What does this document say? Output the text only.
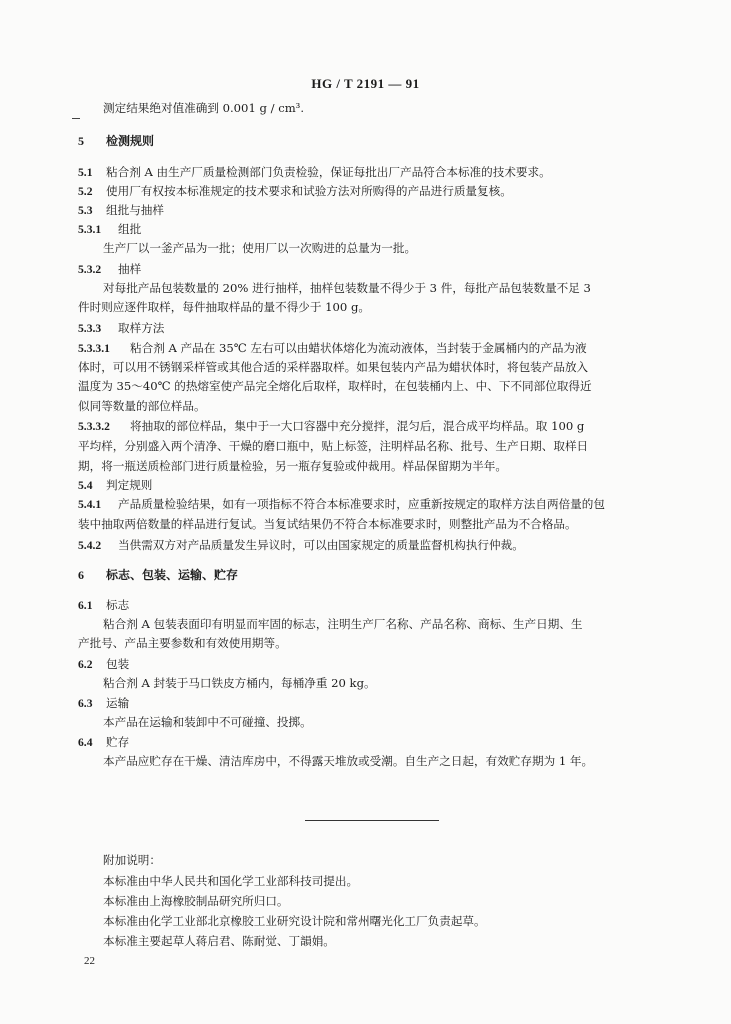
HG / T 2191 — 91
测定结果绝对值准确到 0.001 g / cm³.
5 检测规则
5.1 粘合剂 A 由生产厂质量检测部门负责检验，保证每批出厂产品符合本标准的技术要求。
5.2 使用厂有权按本标准规定的技术要求和试验方法对所购得的产品进行质量复核。
5.3 组批与抽样
5.3.1 组批
生产厂以一釜产品为一批；使用厂以一次购进的总量为一批。
5.3.2 抽样
对每批产品包装数量的 20% 进行抽样，抽样包装数量不得少于 3 件，每批产品包装数量不足 3
件时则应逐件取样，每件抽取样品的量不得少于 100 g。
5.3.3 取样方法
5.3.3.1 粘合剂 A 产品在 35℃ 左右可以由蜡状体熔化为流动液体，当封装于金属桶内的产品为液
体时，可以用不锈钢采样管或其他合适的采样器取样。如果包装内产品为蜡状体时，将包装产品放入
温度为 35～40℃ 的热熔室使产品完全熔化后取样，取样时，在包装桶内上、中、下不同部位取得近
似同等数量的部位样品。
5.3.3.2 将抽取的部位样品，集中于一大口容器中充分搅拌，混匀后，混合成平均样品。取 100 g
平均样，分别盛入两个清净、干燥的磨口瓶中，贴上标签，注明样品名称、批号、生产日期、取样日
期，将一瓶送质检部门进行质量检验，另一瓶存复验或仲裁用。样品保留期为半年。
5.4 判定规则
5.4.1 产品质量检验结果，如有一项指标不符合本标准要求时，应重新按规定的取样方法自两倍量的包
装中抽取两倍数量的样品进行复试。当复试结果仍不符合本标准要求时，则整批产品为不合格品。
5.4.2 当供需双方对产品质量发生异议时，可以由国家规定的质量监督机构执行仲裁。
6 标志、包装、运输、贮存
6.1 标志
粘合剂 A 包装表面印有明显而牢固的标志，注明生产厂名称、产品名称、商标、生产日期、生
产批号、产品主要参数和有效使用期等。
6.2 包装
粘合剂 A 封装于马口铁皮方桶内，每桶净重 20 kg。
6.3 运输
本产品在运输和装卸中不可碰撞、投掷。
6.4 贮存
本产品应贮存在干燥、清洁库房中，不得露天堆放或受潮。自生产之日起，有效贮存期为 1 年。
附加说明：
本标准由中华人民共和国化学工业部科技司提出。
本标准由上海橡胶制品研究所归口。
本标准由化学工业部北京橡胶工业研究设计院和常州曙光化工厂负责起草。
本标准主要起草人蒋启君、陈耐觉、丁韻娟。
22
